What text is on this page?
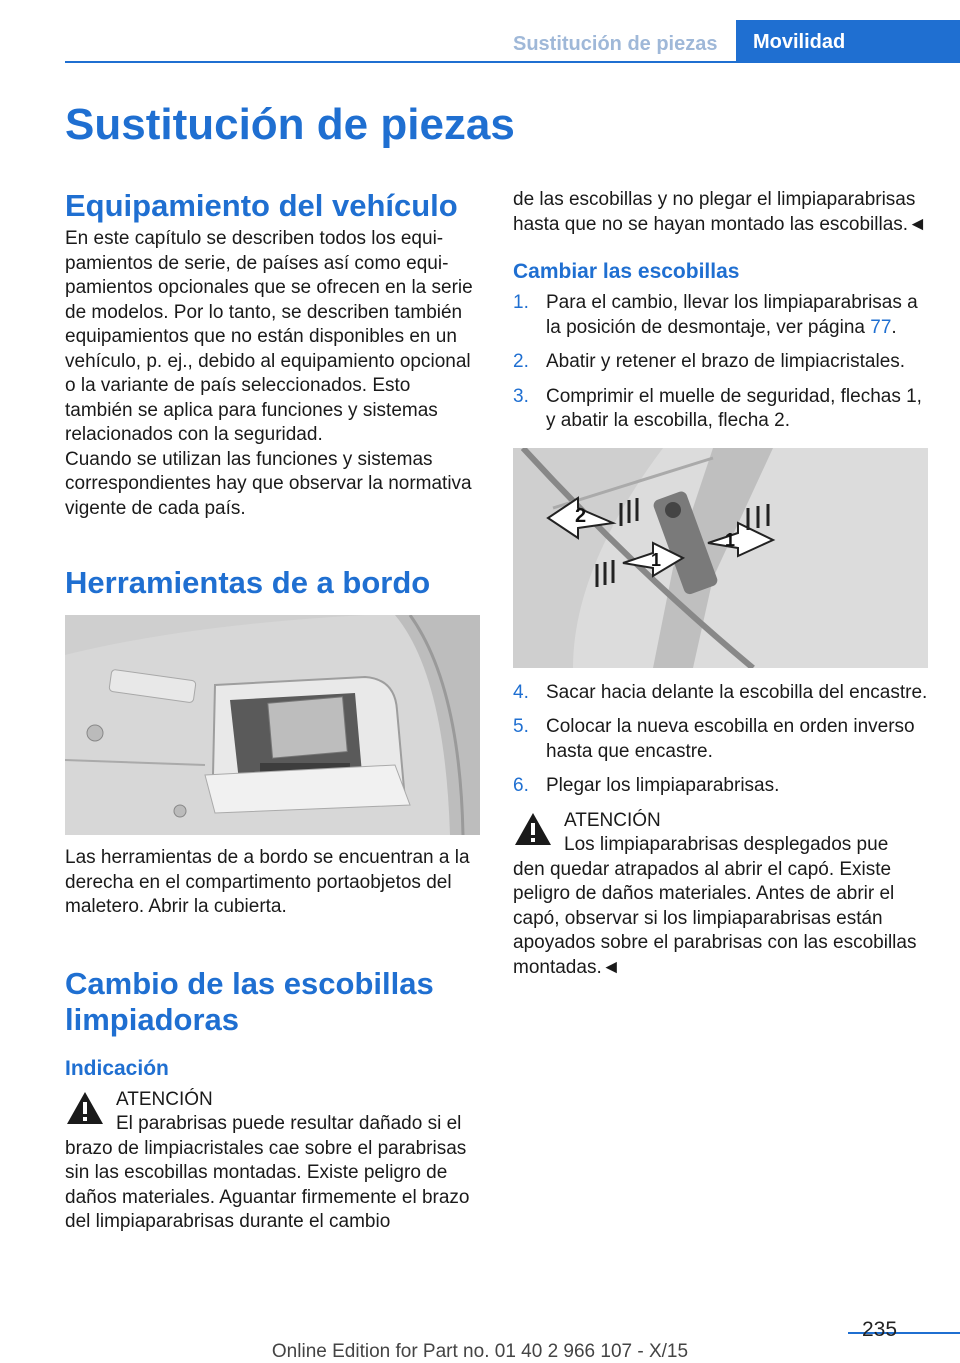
Sustitución de piezas	Movilidad
Sustitución de piezas
Equipamiento del vehículo

En este capítulo se describen todos los equipamientos de serie, de países así como equipamientos opcionales que se ofrecen en la serie de modelos. Por lo tanto, se describen también equipamientos que no están disponibles en un vehículo, p. ej., debido al equipamiento opcional o la variante de país seleccionados. Esto también se aplica para funciones y sistemas relacionados con la seguridad.

Cuando se utilizan las funciones y sistemas correspondientes hay que observar la normativa vigente de cada país.

Herramientas de a bordo

Las herramientas de a bordo se encuentran a la derecha en el compartimento portaobjetos del maletero. Abrir la cubierta.

Cambio de las escobillas limpiadoras
Indicación
ATENCIÓN

El parabrisas puede resultar dañado si el

brazo de limpiacristales cae sobre el parabrisas sin las escobillas montadas. Existe peligro de daños materiales. Aguantar firmemente el brazo del limpiaparabrisas durante el cambio

de las escobillas y no plegar el limpiaparabrisas hasta que no se hayan montado las escobillas.◄

Cambiar las escobillas
1. Para el cambio, llevar los limpiaparabrisas a la posición de desmontaje, ver página 77.
2. Abatir y retener el brazo de limpiacristales.
3. Comprimir el muelle de seguridad, flechas 1, y abatir la escobilla, flecha 2.
2
1
1
4. Sacar hacia delante la escobilla del encastre.
5. Colocar la nueva escobilla en orden inverso hasta que encastre.
6. Plegar los limpiaparabrisas.
ATENCIÓN

Los limpiaparabrisas desplegados pue

den quedar atrapados al abrir el capó. Existe peligro de daños materiales. Antes de abrir el capó, observar si los limpiaparabrisas están apoyados sobre el parabrisas con las escobillas montadas.◄

235
Online Edition for Part no. 01 40 2 966 107 - X/15
